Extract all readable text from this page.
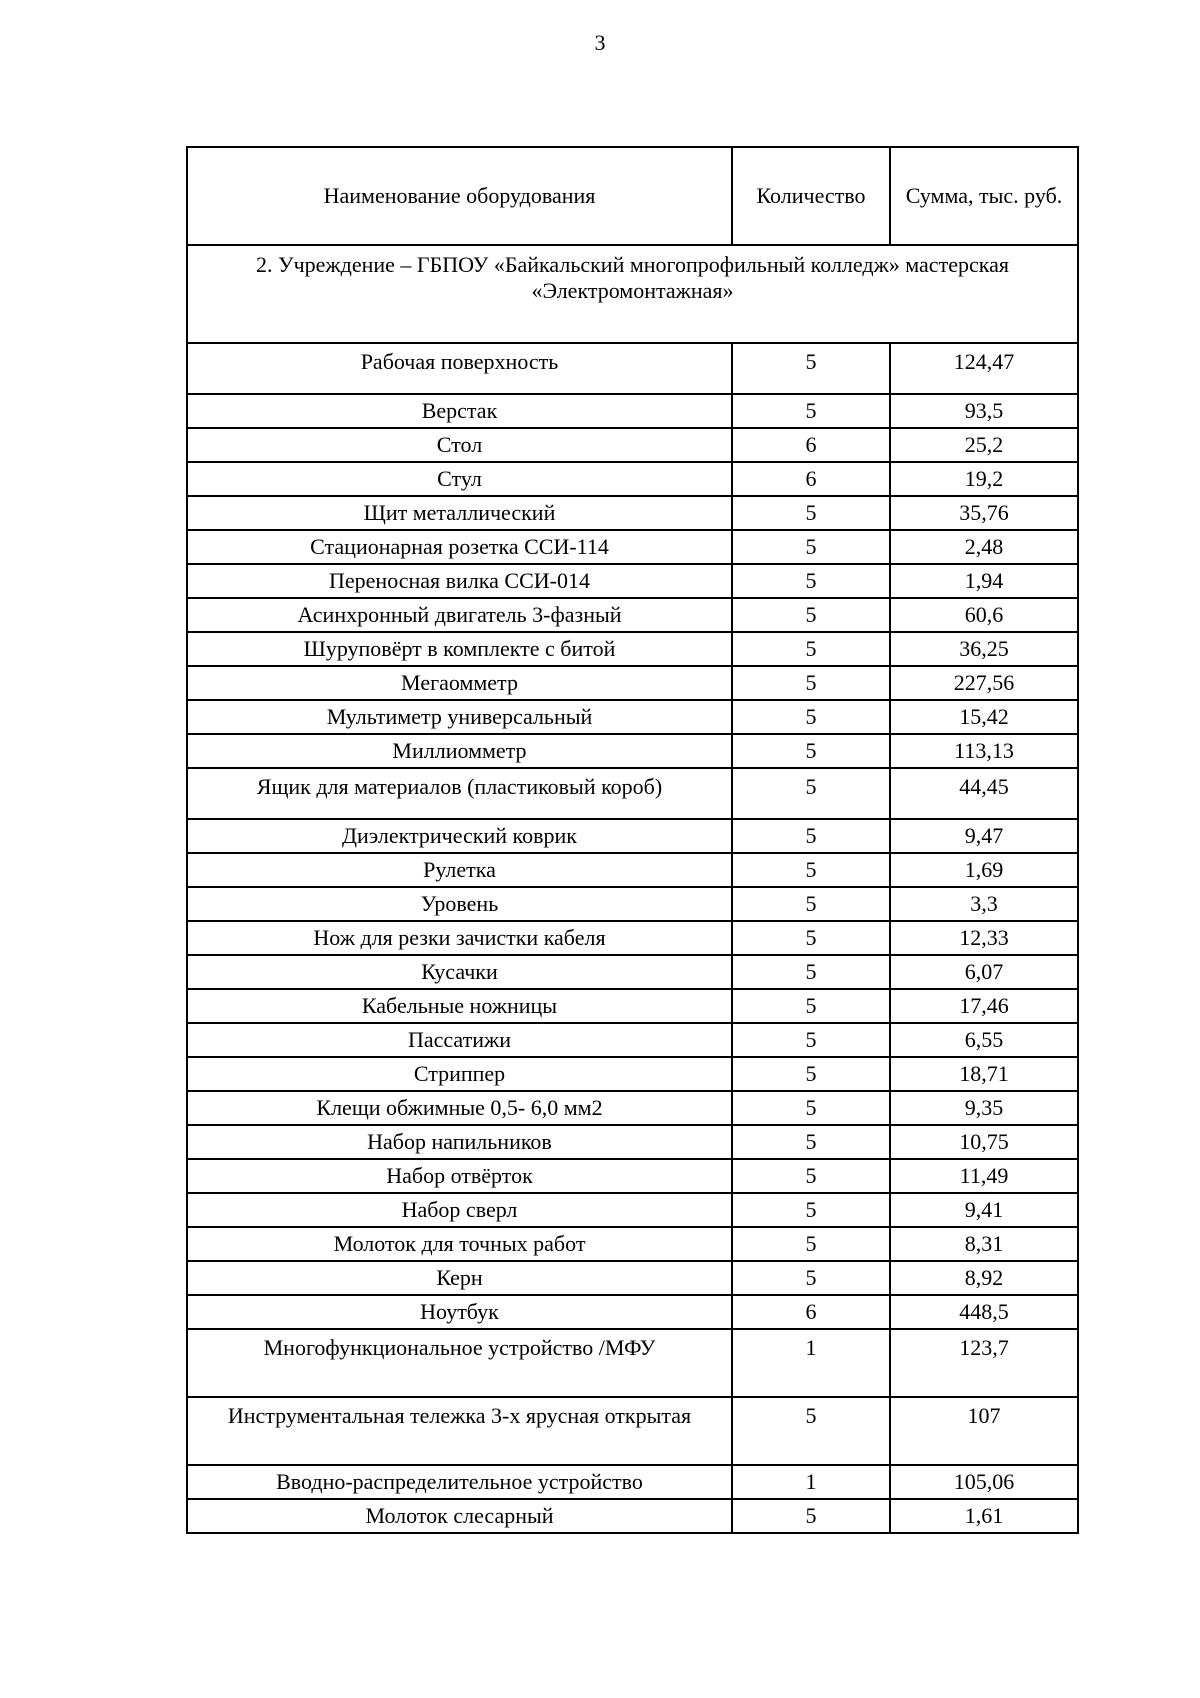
3
Наименование оборудования	Количество	Сумма, тыс. руб.
2. Учреждение – ГБПОУ «Байкальский многопрофильный колледж» мастерская «Электромонтажная»		
Рабочая поверхность	5	124,47
Верстак	5	93,5
Стол	6	25,2
Стул	6	19,2
Щит металлический	5	35,76
Стационарная розетка ССИ-114	5	2,48
Переносная вилка ССИ-014	5	1,94
Асинхронный двигатель 3-фазный	5	60,6
Шуруповёрт в комплекте с битой	5	36,25
Мегаомметр	5	227,56
Мультиметр универсальный	5	15,42
Миллиомметр	5	113,13
Ящик для материалов (пластиковый короб)	5	44,45
Диэлектрический коврик	5	9,47
Рулетка	5	1,69
Уровень	5	3,3
Нож для резки зачистки кабеля	5	12,33
Кусачки	5	6,07
Кабельные ножницы	5	17,46
Пассатижи	5	6,55
Стриппер	5	18,71
Клещи обжимные 0,5- 6,0 мм2	5	9,35
Набор напильников	5	10,75
Набор отвёрток	5	11,49
Набор сверл	5	9,41
Молоток для точных работ	5	8,31
Керн	5	8,92
Ноутбук	6	448,5
Многофункциональное устройство /МФУ	1	123,7
Инструментальная тележка 3-х ярусная открытая	5	107
Вводно-распределительное устройство	1	105,06
Молоток слесарный	5	1,61
